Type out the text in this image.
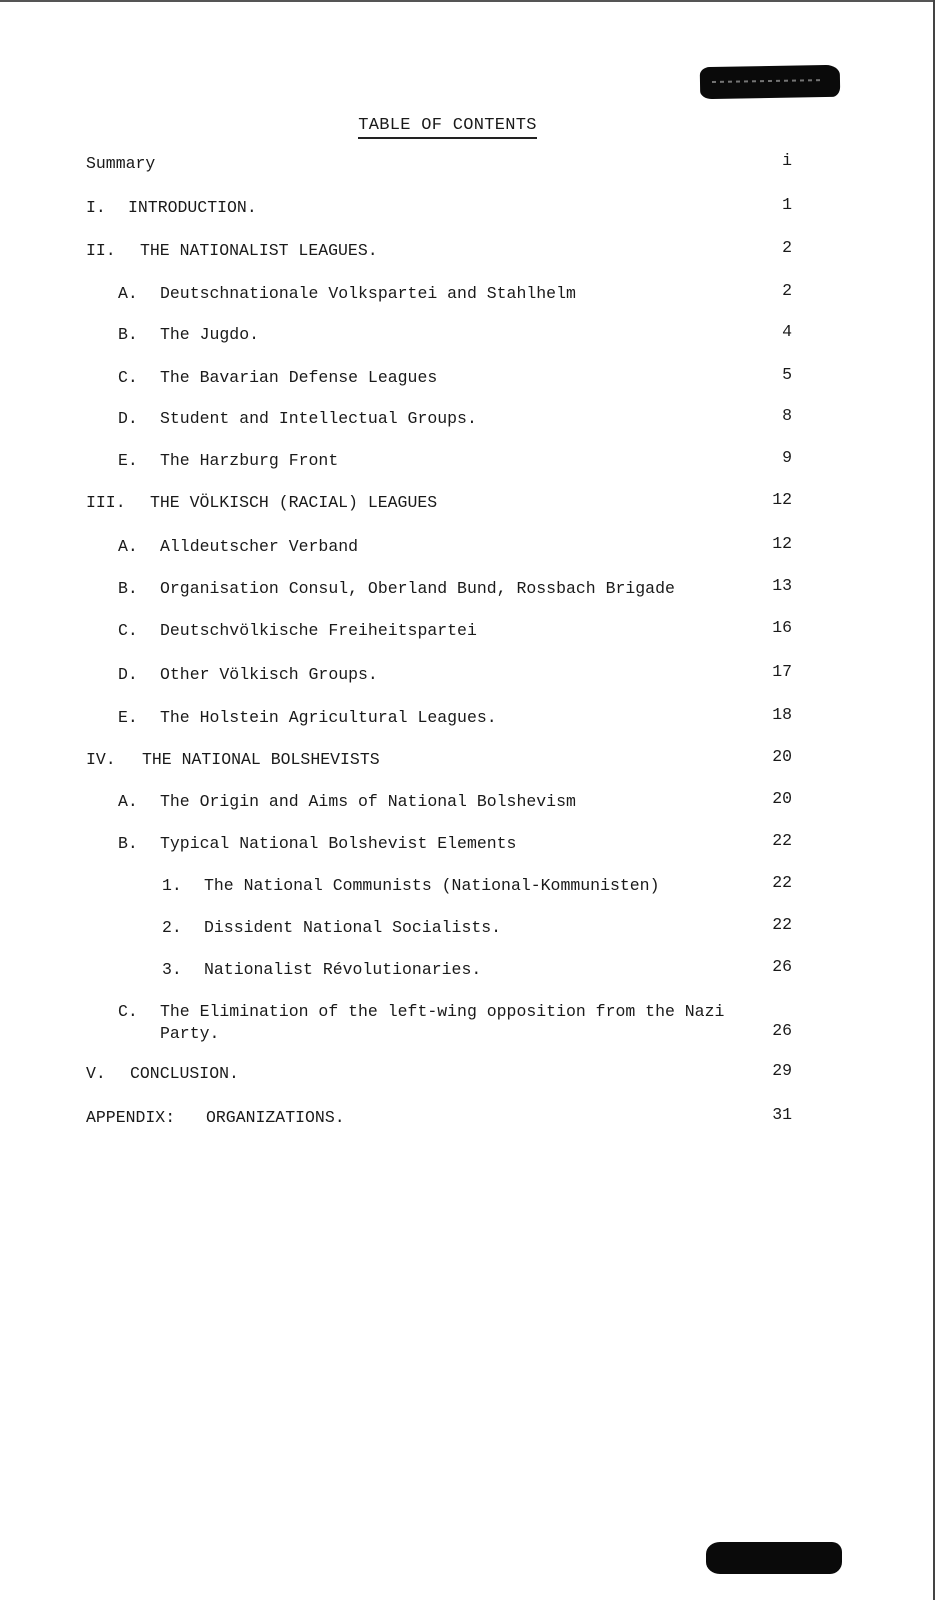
TABLE OF CONTENTS
Summary	i
I.	INTRODUCTION.	1
II.	THE NATIONALIST LEAGUES.	2
A.	Deutschnationale Volkspartei and Stahlhelm	2
B.	The Jugdo.	4
C.	The Bavarian Defense Leagues	5
D.	Student and Intellectual Groups.	8
E.	The Harzburg Front	9
III.	THE VÖLKISCH (RACIAL) LEAGUES	12
A.	Alldeutscher Verband	12
B.	Organisation Consul, Oberland Bund, Rossbach Brigade	13
C.	Deutschvölkische Freiheitspartei	16
D.	Other Völkisch Groups.	17
E.	The Holstein Agricultural Leagues.	18
IV.	THE NATIONAL BOLSHEVISTS	20
A.	The Origin and Aims of National Bolshevism	20
B.	Typical National Bolshevist Elements	22
1.	The National Communists (National-Kommunisten)	22
2.	Dissident National Socialists.	22
3.	Nationalist Révolutionaries.	26
C. The Elimination of the left-wing opposition from the Nazi
Party.	26
V.	CONCLUSION.	29
APPENDIX:	ORGANIZATIONS.	31
